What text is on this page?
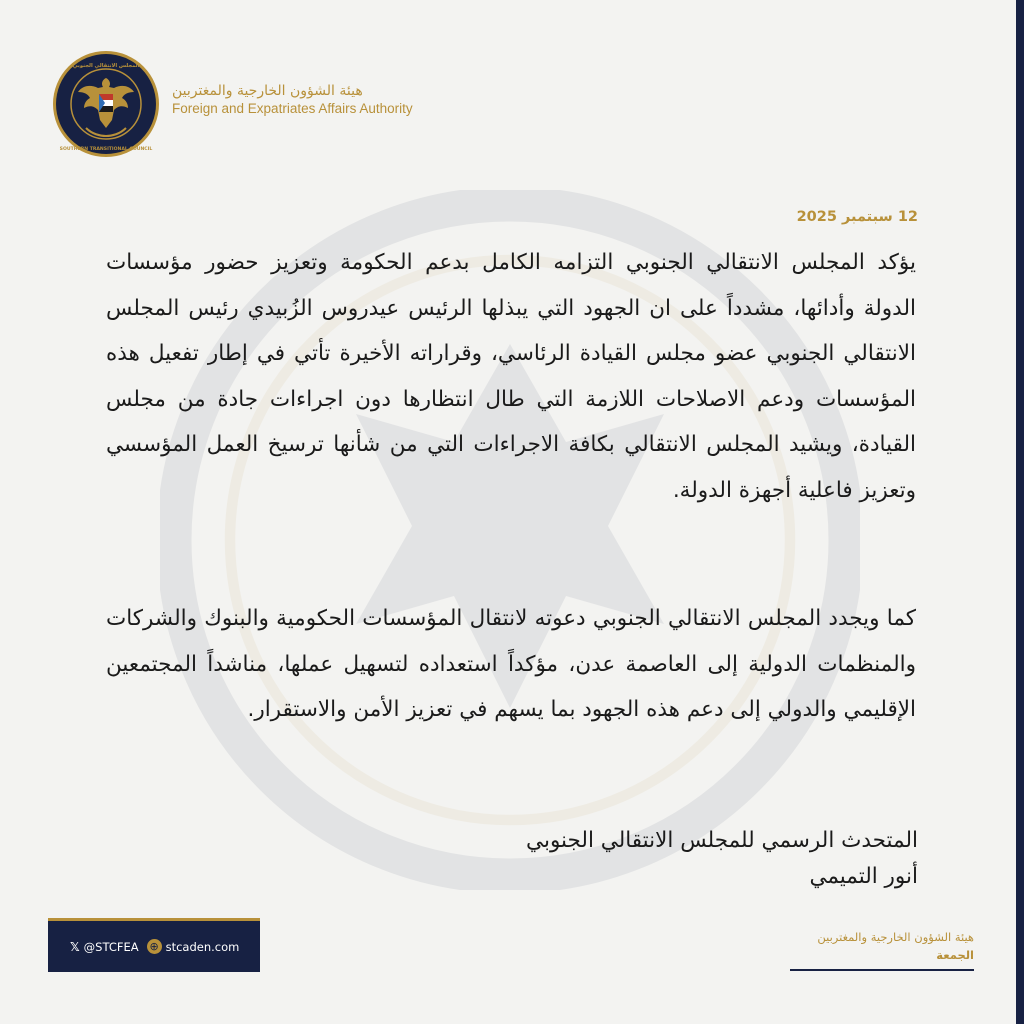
المجلس الانتقالي الجنوبي
SOUTHERN TRANSITIONAL COUNCIL
هيئة الشؤون الخارجية والمغتربين
Foreign and Expatriates Affairs Authority
12 سبتمبر 2025

يؤكد المجلس الانتقالي الجنوبي التزامه الكامل بدعم الحكومة وتعزيز حضور مؤسسات الدولة وأدائها، مشدداً على ان الجهود التي يبذلها الرئيس عيدروس الزُبيدي رئيس المجلس الانتقالي الجنوبي عضو مجلس القيادة الرئاسي، وقراراته الأخيرة تأتي في إطار تفعيل هذه المؤسسات ودعم الاصلاحات اللازمة التي طال انتظارها دون اجراءات جادة من مجلس القيادة، ويشيد المجلس الانتقالي بكافة الاجراءات التي من شأنها ترسيخ العمل المؤسسي وتعزيز فاعلية أجهزة الدولة.

كما ويجدد المجلس الانتقالي الجنوبي دعوته لانتقال المؤسسات الحكومية والبنوك والشركات والمنظمات الدولية إلى العاصمة عدن، مؤكداً استعداده لتسهيل عملها، مناشداً المجتمعين الإقليمي والدولي إلى دعم هذه الجهود بما يسهم في تعزيز الأمن والاستقرار.

المتحدث الرسمي للمجلس الانتقالي الجنوبي
أنور التميمي
𝕏 @STCFEA ⊕ stcaden.com
هيئة الشؤون الخارجية والمغتربين
الجمعة
